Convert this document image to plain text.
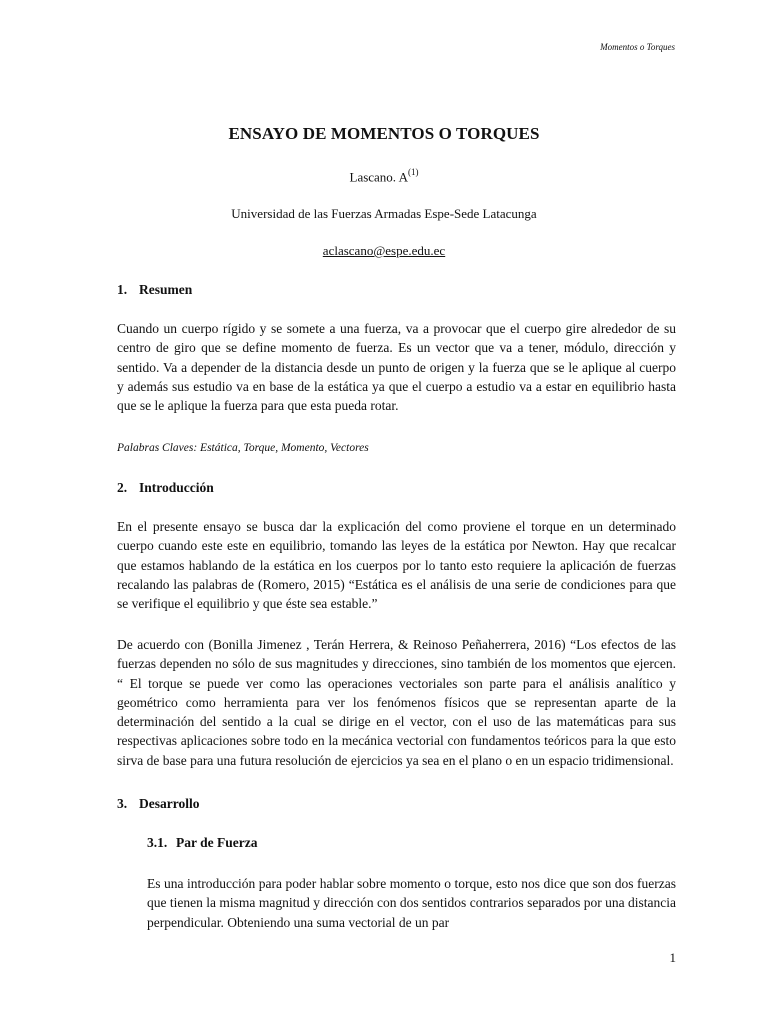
Momentos o Torques
ENSAYO DE MOMENTOS O TORQUES
Lascano. $A^{(1)}$
Universidad de las Fuerzas Armadas Espe-Sede Latacunga
aclascano@espe.edu.ec
1. Resumen

Cuando un cuerpo rígido y se somete a una fuerza, va a provocar que el cuerpo gire alrededor de su centro de giro que se define momento de fuerza. Es un vector que va a tener, módulo, dirección y sentido. Va a depender de la distancia desde un punto de origen y la fuerza que se le aplique al cuerpo y además sus estudio va en base de la estática ya que el cuerpo a estudio va a estar en equilibrio hasta que se le aplique la fuerza para que esta pueda rotar.

Palabras Claves: Estática, Torque, Momento, Vectores
2. Introducción

En el presente ensayo se busca dar la explicación del como proviene el torque en un determinado cuerpo cuando este este en equilibrio, tomando las leyes de la estática por Newton. Hay que recalcar que estamos hablando de la estática en los cuerpos por lo tanto esto requiere la aplicación de fuerzas recalando las palabras de (Romero, 2015) “Estática es el análisis de una serie de condiciones para que se verifique el equilibrio y que éste sea estable.”

De acuerdo con (Bonilla Jimenez , Terán Herrera, & Reinoso Peñaherrera, 2016) “Los efectos de las fuerzas dependen no sólo de sus magnitudes y direcciones, sino también de los momentos que ejercen. “ El torque se puede ver como las operaciones vectoriales son parte para el análisis analítico y geométrico como herramienta para ver los fenómenos físicos que se representan aparte de la determinación del sentido a la cual se dirige en el vector, con el uso de las matemáticas para sus respectivas aplicaciones sobre todo en la mecánica vectorial con fundamentos teóricos para la que esto sirva de base para una futura resolución de ejercicios ya sea en el plano o en un espacio tridimensional.

3. Desarrollo
3.1. Par de Fuerza

Es una introducción para poder hablar sobre momento o torque, esto nos dice que son dos fuerzas que tienen la misma magnitud y dirección con dos sentidos contrarios separados por una distancia perpendicular. Obteniendo una suma vectorial de un par

1
